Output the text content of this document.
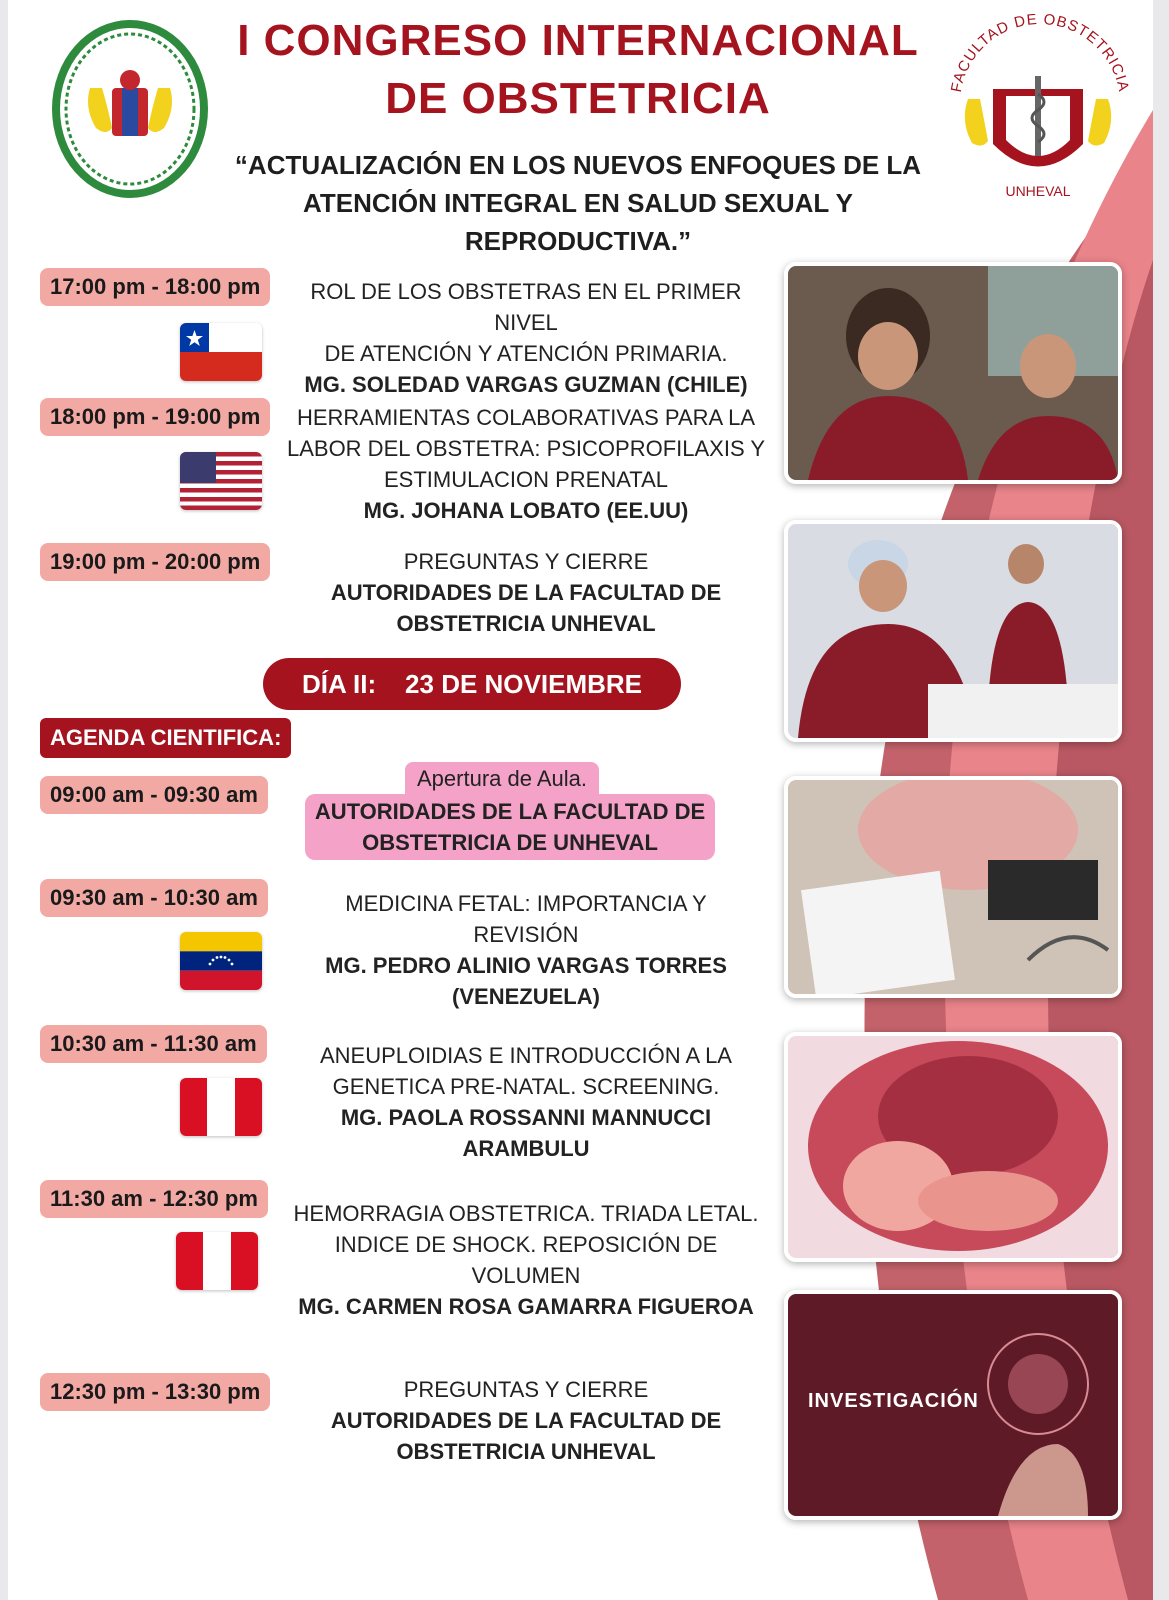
FACULTAD DE OBSTETRICIA
UNHEVAL
I CONGRESO INTERNACIONAL
DE OBSTETRICIA
“ACTUALIZACIÓN EN LOS NUEVOS ENFOQUES DE LA
ATENCIÓN INTEGRAL EN SALUD SEXUAL Y
REPRODUCTIVA.”
17:00 pm - 18:00 pm	ROL DE LOS OBSTETRAS EN EL PRIMER NIVEL
DE ATENCIÓN Y ATENCIÓN PRIMARIA.
MG. SOLEDAD VARGAS GUZMAN (CHILE)
18:00 pm - 19:00 pm	HERRAMIENTAS COLABORATIVAS PARA LA
LABOR DEL OBSTETRA: PSICOPROFILAXIS Y
ESTIMULACION PRENATAL
MG. JOHANA LOBATO (EE.UU)
19:00 pm - 20:00 pm	PREGUNTAS Y CIERRE
AUTORIDADES DE LA FACULTAD DE
OBSTETRICIA UNHEVAL
DÍA II: 23 DE NOVIEMBRE
AGENDA CIENTIFICA:
09:00 am - 09:30 am
Apertura de Aula.
AUTORIDADES DE LA FACULTAD DE
OBSTETRICIA DE UNHEVAL
09:30 am - 10:30 am	MEDICINA FETAL: IMPORTANCIA Y
REVISIÓN
MG. PEDRO ALINIO VARGAS TORRES
(VENEZUELA)
10:30 am - 11:30 am	ANEUPLOIDIAS E INTRODUCCIÓN A LA
GENETICA PRE-NATAL. SCREENING.
MG. PAOLA ROSSANNI MANNUCCI
ARAMBULU
11:30 am - 12:30 pm
HEMORRAGIA OBSTETRICA. TRIADA LETAL.
INDICE DE SHOCK. REPOSICIÓN DE
VOLUMEN
MG. CARMEN ROSA GAMARRA FIGUEROA
12:30 pm - 13:30 pm	PREGUNTAS Y CIERRE
AUTORIDADES DE LA FACULTAD DE
OBSTETRICIA UNHEVAL
INVESTIGACIÓN
